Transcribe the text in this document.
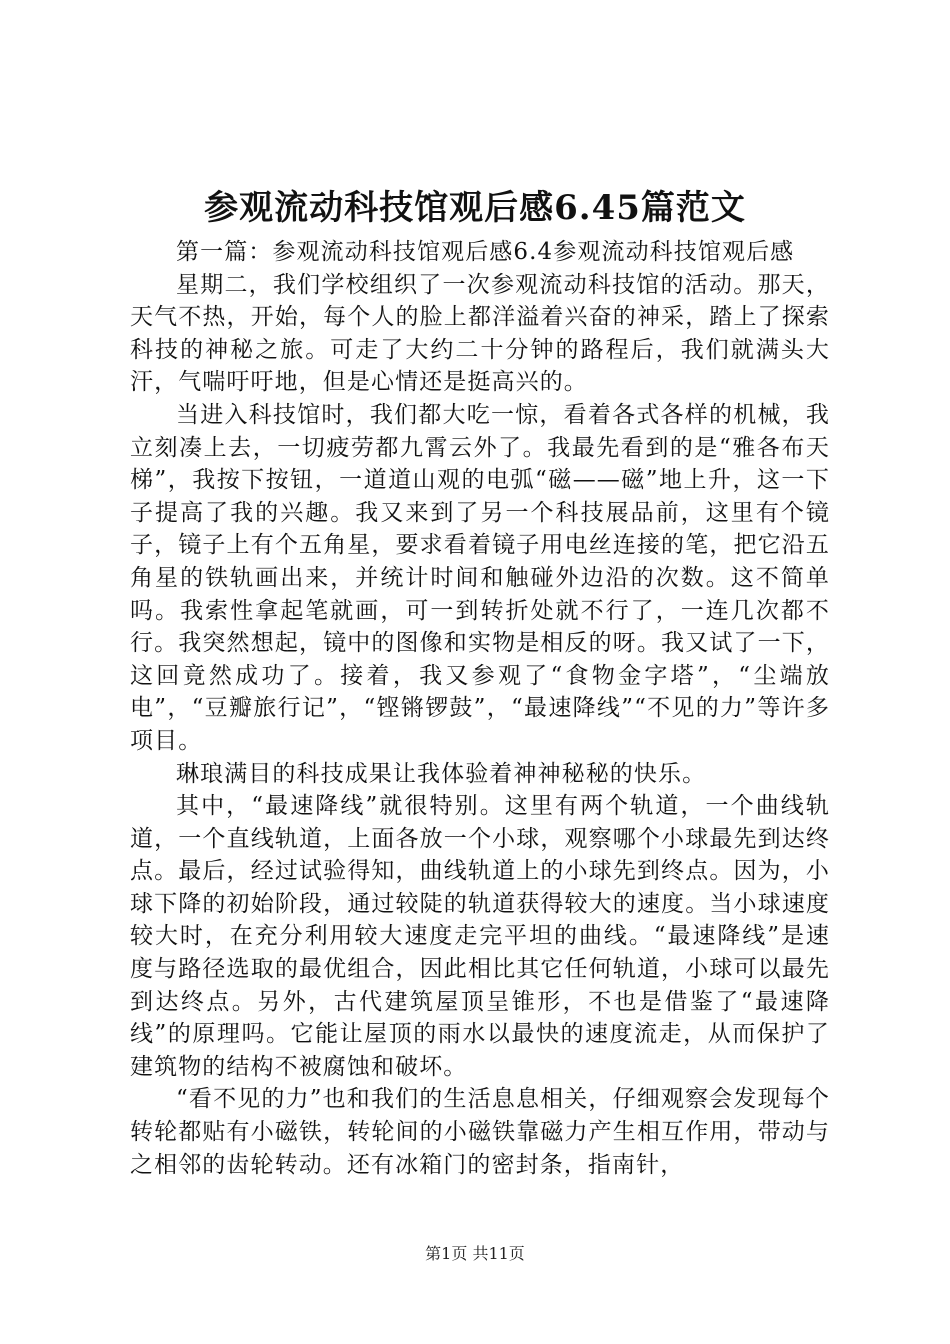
参观流动科技馆观后感6.45篇范文

第一篇：参观流动科技馆观后感6.4参观流动科技馆观后感

星期二，我们学校组织了一次参观流动科技馆的活动。那天，天气不热，开始，每个人的脸上都洋溢着兴奋的神采，踏上了探索科技的神秘之旅。可走了大约二十分钟的路程后，我们就满头大汗，气喘吁吁地，但是心情还是挺高兴的。

当进入科技馆时，我们都大吃一惊，看着各式各样的机械，我立刻凑上去，一切疲劳都九霄云外了。我最先看到的是“雅各布天梯”，我按下按钮，一道道山观的电弧“磁——磁”地上升，这一下子提高了我的兴趣。我又来到了另一个科技展品前，这里有个镜子，镜子上有个五角星，要求看着镜子用电丝连接的笔，把它沿五角星的铁轨画出来，并统计时间和触碰外边沿的次数。这不简单吗。我索性拿起笔就画，可一到转折处就不行了，一连几次都不行。我突然想起，镜中的图像和实物是相反的呀。我又试了一下，这回竟然成功了。接着，我又参观了“食物金字塔”，“尘端放电”，“豆瓣旅行记”，“铿锵锣鼓”，“最速降线”“不见的力”等许多项目。

琳琅满目的科技成果让我体验着神神秘秘的快乐。

其中，“最速降线”就很特别。这里有两个轨道，一个曲线轨道，一个直线轨道，上面各放一个小球，观察哪个小球最先到达终点。最后，经过试验得知，曲线轨道上的小球先到终点。因为，小球下降的初始阶段，通过较陡的轨道获得较大的速度。当小球速度较大时，在充分利用较大速度走完平坦的曲线。“最速降线”是速度与路径选取的最优组合，因此相比其它任何轨道，小球可以最先到达终点。另外，古代建筑屋顶呈锥形，不也是借鉴了“最速降线”的原理吗。它能让屋顶的雨水以最快的速度流走，从而保护了建筑物的结构不被腐蚀和破坏。

“看不见的力”也和我们的生活息息相关，仔细观察会发现每个转轮都贴有小磁铁，转轮间的小磁铁靠磁力产生相互作用，带动与之相邻的齿轮转动。还有冰箱门的密封条，指南针，

第1页 共11页
